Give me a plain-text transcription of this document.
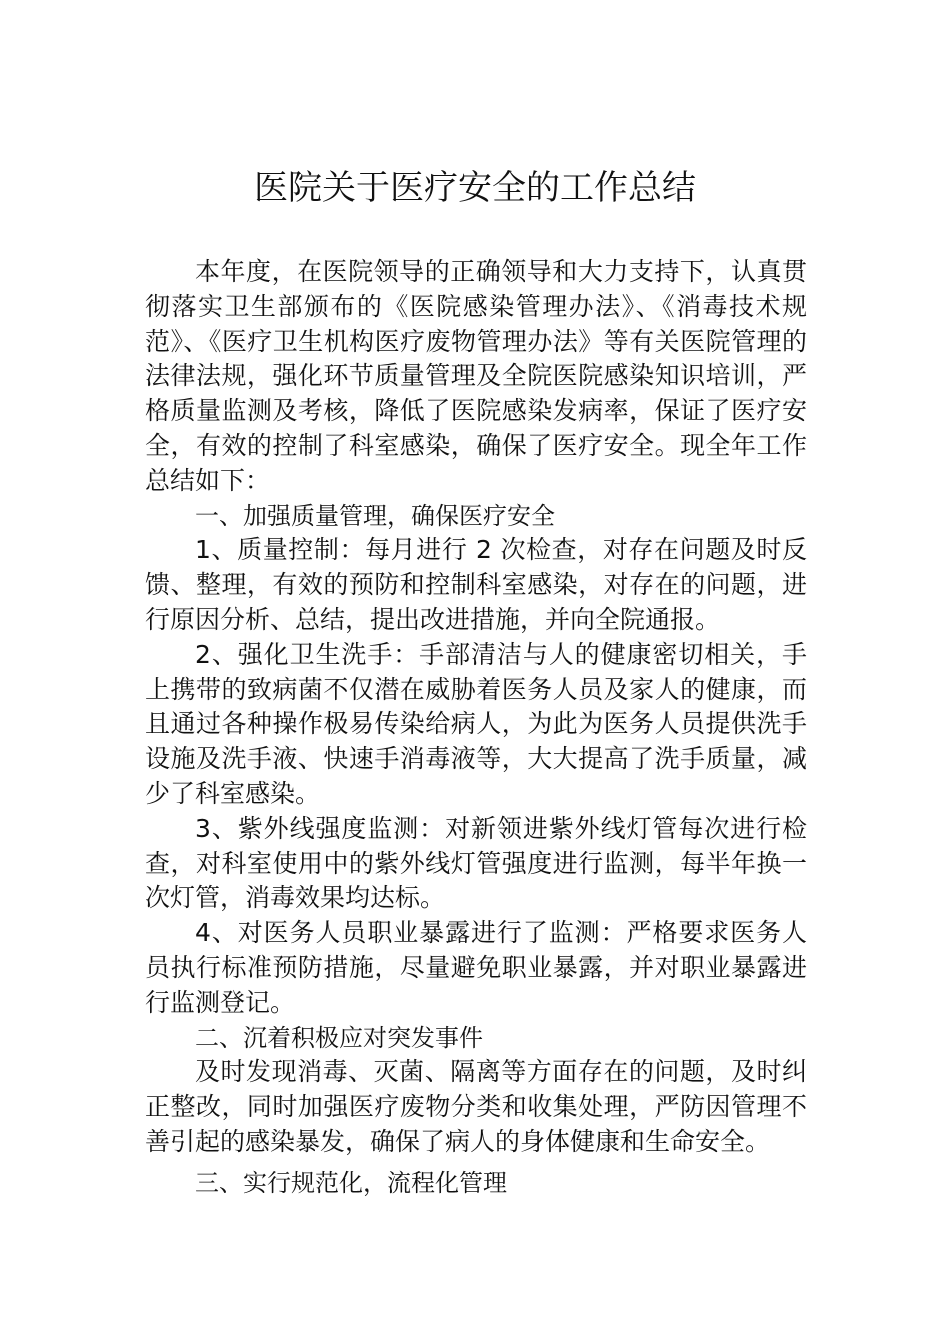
医院关于医疗安全的工作总结

本年度，在医院领导的正确领导和大力支持下，认真贯彻落实卫生部颁布的《医院感染管理办法》、《消毒技术规范》、《医疗卫生机构医疗废物管理办法》等有关医院管理的法律法规，强化环节质量管理及全院医院感染知识培训，严格质量监测及考核，降低了医院感染发病率，保证了医疗安全，有效的控制了科室感染，确保了医疗安全。现全年工作总结如下：

一、加强质量管理，确保医疗安全

1、质量控制：每月进行 2 次检查，对存在问题及时反馈、整理，有效的预防和控制科室感染，对存在的问题，进行原因分析、总结，提出改进措施，并向全院通报。

2、强化卫生洗手：手部清洁与人的健康密切相关，手上携带的致病菌不仅潜在威胁着医务人员及家人的健康，而且通过各种操作极易传染给病人，为此为医务人员提供洗手设施及洗手液、快速手消毒液等，大大提高了洗手质量，减少了科室感染。

3、紫外线强度监测：对新领进紫外线灯管每次进行检查，对科室使用中的紫外线灯管强度进行监测，每半年换一次灯管，消毒效果均达标。

4、对医务人员职业暴露进行了监测：严格要求医务人员执行标准预防措施，尽量避免职业暴露，并对职业暴露进行监测登记。

二、沉着积极应对突发事件

及时发现消毒、灭菌、隔离等方面存在的问题，及时纠正整改，同时加强医疗废物分类和收集处理，严防因管理不善引起的感染暴发，确保了病人的身体健康和生命安全。

三、实行规范化，流程化管理
